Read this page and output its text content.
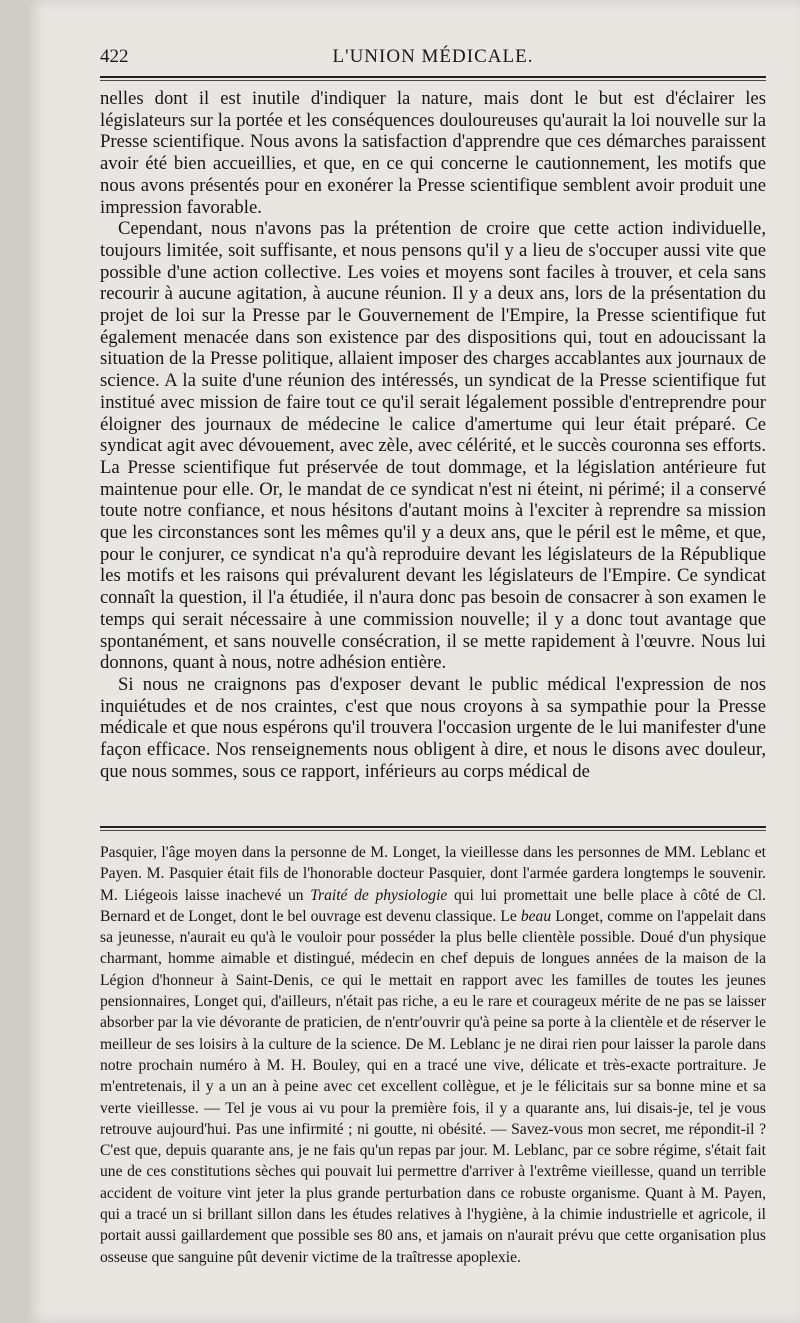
422	L'UNION MÉDICALE.

nelles dont il est inutile d'indiquer la nature, mais dont le but est d'éclairer les législateurs sur la portée et les conséquences douloureuses qu'aurait la loi nouvelle sur la Presse scientifique. Nous avons la satisfaction d'apprendre que ces démarches paraissent avoir été bien accueillies, et que, en ce qui concerne le cautionnement, les motifs que nous avons présentés pour en exonérer la Presse scientifique semblent avoir produit une impression favorable.

Cependant, nous n'avons pas la prétention de croire que cette action individuelle, toujours limitée, soit suffisante, et nous pensons qu'il y a lieu de s'occuper aussi vite que possible d'une action collective. Les voies et moyens sont faciles à trouver, et cela sans recourir à aucune agitation, à aucune réunion. Il y a deux ans, lors de la présentation du projet de loi sur la Presse par le Gouvernement de l'Empire, la Presse scientifique fut également menacée dans son existence par des dispositions qui, tout en adoucissant la situation de la Presse politique, allaient imposer des charges accablantes aux journaux de science. A la suite d'une réunion des intéressés, un syndicat de la Presse scientifique fut institué avec mission de faire tout ce qu'il serait légalement possible d'entreprendre pour éloigner des journaux de médecine le calice d'amertume qui leur était préparé. Ce syndicat agit avec dévouement, avec zèle, avec célérité, et le succès couronna ses efforts. La Presse scientifique fut préservée de tout dommage, et la législation antérieure fut maintenue pour elle. Or, le mandat de ce syndicat n'est ni éteint, ni périmé; il a conservé toute notre confiance, et nous hésitons d'autant moins à l'exciter à reprendre sa mission que les circonstances sont les mêmes qu'il y a deux ans, que le péril est le même, et que, pour le conjurer, ce syndicat n'a qu'à reproduire devant les législateurs de la République les motifs et les raisons qui prévalurent devant les législateurs de l'Empire. Ce syndicat connaît la question, il l'a étudiée, il n'aura donc pas besoin de consacrer à son examen le temps qui serait nécessaire à une commission nouvelle; il y a donc tout avantage que spontanément, et sans nouvelle consécration, il se mette rapidement à l'œuvre. Nous lui donnons, quant à nous, notre adhésion entière.

Si nous ne craignons pas d'exposer devant le public médical l'expression de nos inquiétudes et de nos craintes, c'est que nous croyons à sa sympathie pour la Presse médicale et que nous espérons qu'il trouvera l'occasion urgente de le lui manifester d'une façon efficace. Nos renseignements nous obligent à dire, et nous le disons avec douleur, que nous sommes, sous ce rapport, inférieurs au corps médical de

Pasquier, l'âge moyen dans la personne de M. Longet, la vieillesse dans les personnes de MM. Leblanc et Payen. M. Pasquier était fils de l'honorable docteur Pasquier, dont l'armée gardera longtemps le souvenir. M. Liégeois laisse inachevé un Traité de physiologie qui lui promettait une belle place à côté de Cl. Bernard et de Longet, dont le bel ouvrage est devenu classique. Le beau Longet, comme on l'appelait dans sa jeunesse, n'aurait eu qu'à le vouloir pour posséder la plus belle clientèle possible. Doué d'un physique charmant, homme aimable et distingué, médecin en chef depuis de longues années de la maison de la Légion d'honneur à Saint-Denis, ce qui le mettait en rapport avec les familles de toutes les jeunes pensionnaires, Longet qui, d'ailleurs, n'était pas riche, a eu le rare et courageux mérite de ne pas se laisser absorber par la vie dévorante de praticien, de n'entr'ouvrir qu'à peine sa porte à la clientèle et de réserver le meilleur de ses loisirs à la culture de la science. De M. Leblanc je ne dirai rien pour laisser la parole dans notre prochain numéro à M. H. Bouley, qui en a tracé une vive, délicate et très-exacte portraiture. Je m'entretenais, il y a un an à peine avec cet excellent collègue, et je le félicitais sur sa bonne mine et sa verte vieillesse. — Tel je vous ai vu pour la première fois, il y a quarante ans, lui disais-je, tel je vous retrouve aujourd'hui. Pas une infirmité ; ni goutte, ni obésité. — Savez-vous mon secret, me répondit-il ? C'est que, depuis quarante ans, je ne fais qu'un repas par jour. M. Leblanc, par ce sobre régime, s'était fait une de ces constitutions sèches qui pouvait lui permettre d'arriver à l'extrême vieillesse, quand un terrible accident de voiture vint jeter la plus grande perturbation dans ce robuste organisme. Quant à M. Payen, qui a tracé un si brillant sillon dans les études relatives à l'hygiène, à la chimie industrielle et agricole, il portait aussi gaillardement que possible ses 80 ans, et jamais on n'aurait prévu que cette organisation plus osseuse que sanguine pût devenir victime de la traîtresse apoplexie.
